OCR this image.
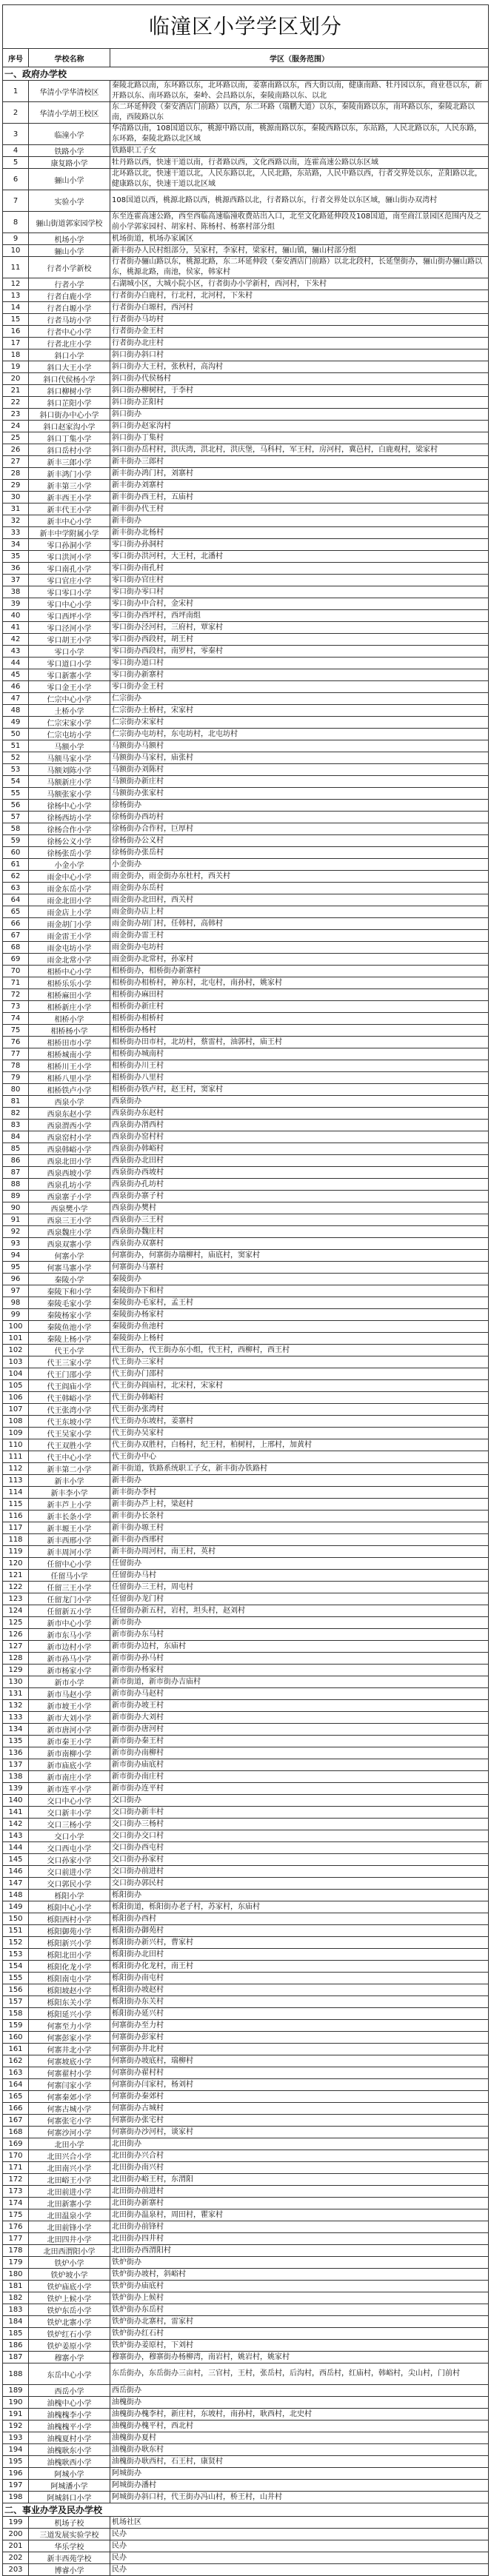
临潼区小学学区划分
序号	学校名称	学区（服务范围）
一、政府办学校		
1	华清小学华清校区	秦陵北路以南，东环路以东，北环路以南，姜寨南路以东，西大街以南，健康南路、牡丹园以东，商业巷以东，新开路以东、南环路以东，秦岭、会昌路以东，秦陵南路以东、以北
2	华清小学胡王校区	东二环延伸段（秦安酒店门前路）以西，东二环路（瑞鹏大道）以东，秦陵南路以东，南环路以东，秦陵北路以南，西陵路以东
3	临潼小学	华清路以南，108国道以东，桃源中路以南，桃源南路以东，秦陵西路以东，东站路，人民北路以东，人民东路，东环路，秦陵北路以北区域
4	铁路小学	铁路职工子女
5	康复路小学	牡丹路以西，快速干道以南，行者路以西，文化西路以南，连霍高速公路以东区域
6	骊山小学	北环路以北，快速干道以北，人民东路以北，人民北路，东站路，人民中路以西，行者交界处以东，芷阳路以北，健康路以东，快速干道以北区域
7	实验小学	108国道以西，桃源北路以西，桃源西路以北，行者路以东，行者交界处以东区域，骊山街办双湾村
8	骊山街道郭家园学校	东至连霍高速公路，西至西临高速临潼收费站出入口，北至文化路延伸段及108国道，南至商江景园区范围内及之前小学郭家园村、胡家村、陈杨村、杨寨村部分组
9	机场小学	机场街道，机场办家属区
10	骊山小学	新丰街办人民村组部分，吴家村，李家村，梁家村，骊山镇，骊山村部分组
11	行者小学新校	行者街办骊山路以东，桃源北路，东二环延伸段（秦安酒店门前路）以北北段村，长延堡街办，骊山街办骊山路以东，桃源北路，南池，侯家，韩家村
12	行者小学	石湖城小区，大城小院小区，行者街办小学新村，西河村，下朱村
13	行者白鹿小学	行者街办白鹿村，行北村，北河村，下朱村
14	行者白塬小学	行者街办白塬村，西河村
15	行者马坊小学	行者街办马坊村
16	行者中心小学	行者街办金王村
17	行者北庄小学	行者街办北庄村
18	斜口小学	斜口街办斜口村
19	斜口大王小学	斜口街办大王村，张秋村，高沟村
20	斜口代侯杨小学	斜口街办代侯杨村
21	斜口柳树小学	斜口街办柳树村，于李村
22	斜口芷阳小学	斜口街办芷阳村
23	斜口街办中心小学	斜口街办
24	斜口赵家沟小学	斜口街办赵家沟村
25	斜口丁集小学	斜口街办丁集村
26	斜口岳村小学	斜口街办岳村村，洪庆湾，洪北村，洪庆堡，马科村，军王村，房河村，冀邑村，白鹿观村，梁家村
27	新丰三郎小学	新丰街办三郎村
28	新丰鸿门小学	新丰街办鸿门村，刘寨村
29	新丰第三小学	新丰街办刘寨村
30	新丰西王小学	新丰街办西王村，五庙村
31	新丰代王小学	新丰街办代王村
32	新丰中心小学	新丰街办
33	新丰中学附属小学	新丰街办北杨村
34	零口孙洞小学	零口街办孙洞村
35	零口洪河小学	零口街办洪河村，大王村，北潘村
36	零口南孔小学	零口街办南孔村
37	零口官庄小学	零口街办官庄村
38	零口零口小学	零口街办零口村
39	零口中心小学	零口街办中合村，金宋村
40	零口西坪小学	零口街办西坪村，西坪南组
41	零口泾河小学	零口街办泾河村，三府村，覃家村
42	零口胡王小学	零口街办西段村，胡王村
43	零口小学	零口街办西段村，南罗村，零秦村
44	零口道口小学	零口街办道口村
45	零口新寨小学	零口街办新寨村
46	零口金王小学	零口街办金王村
47	仁宗中心小学	仁宗街办
48	土桥小学	仁宗街办土桥村，宋家村
49	仁宗宋家小学	仁宗街办宋家村
50	仁宗屯坊小学	仁宗街办屯坊村，东屯坊村，北屯坊村
51	马额小学	马额街办马额村
52	马额马家小学	马额街办马家村，庙张村
53	马额刘陈小学	马额街办刘陈村
54	马额新庄小学	马额街办新庄村
55	马额张家小学	马额街办张家村
56	徐杨中心小学	徐杨街办
57	徐杨西坊小学	徐杨街办西坊村
58	徐杨合作小学	徐杨街办合作村，巨厚村
59	徐杨公义小学	徐杨街办公义村
60	徐杨张岳小学	徐杨街办张岳村
61	小金小学	小金街办
62	雨金中心小学	雨金街办，雨金街办东杜村，西关村
63	雨金东岳小学	雨金街办东岳村
64	雨金北田小学	雨金街办北田村，西关村
65	雨金店上小学	雨金街办店上村
66	雨金胡门小学	雨金街办胡门村，任韩村，高韩村
67	雨金雷王小学	雨金街办雷王村
68	雨金屯坊小学	雨金街办屯坊村
69	雨金北常小学	雨金街办北常村，孙家村
70	相桥中心小学	相桥街办，相桥街办新寨村
71	相桥乐乐小学	相桥街办相桥村，神东村，北屯村，南孙村，姚家村
72	相桥麻田小学	相桥街办麻田村
73	相桥新庄小学	相桥街办新庄村
74	相桥小学	相桥街办相桥村
75	相桥杨小学	相桥街办杨村
76	相桥田市小学	相桥街办田市村，北坊村，蔡雷村，油郭村，庙王村
77	相桥城南小学	相桥街办城南村
78	相桥川王小学	相桥街办川王村
79	相桥八里小学	相桥街办八里村
80	相桥铁卢小学	相桥街办铁卢村，赵王村，窦家村
81	西泉小学	西泉街办
82	西泉东赵小学	西泉街办东赵村
83	西泉渭西小学	西泉街办渭西村
84	西泉窑村小学	西泉街办窑村村
85	西泉韩峪小学	西泉街办韩峪村
86	西泉北田小学	西泉街办北田村
87	西泉西坡小学	西泉街办西坡村
88	西泉孔坊小学	西泉街办孔坊村
89	西泉寨子小学	西泉街办寨子村
90	西泉樊小学	西泉街办樊村
91	西泉三王小学	西泉街办三王村
92	西泉魏庄小学	西泉街办魏庄村
93	西泉双寨小学	西泉街办双寨村
94	何寨小学	何寨街办，何寨街办瑞柳村，庙底村，窦家村
95	何寨马寨小学	何寨街办马寨村
96	秦陵小学	秦陵街办
97	秦陵下和小学	秦陵街办下和村
98	秦陵毛家小学	秦陵街办毛家村，孟王村
99	秦陵杨家小学	秦陵街办杨家村
100	秦陵鱼池小学	秦陵街办鱼池村
101	秦陵上杨小学	秦陵街办上杨村
102	代王小学	代王街办，代王街办东小组，代王村，西柳村，西王村
103	代王三家小学	代王街办三家村
104	代王门邵小学	代王街办门邵村
105	代王阎庙小学	代王街办阎庙村，北宋村，宋家村
106	代王韩峪小学	代王街办韩峪村
107	代王张湾小学	代王街办张湾村
108	代王东坡小学	代王街办东坡村，姜寨村
109	代王吴家小学	代王街办吴家村
110	代王双胜小学	代王街办双胜村，白杨村，纪王村，柏树村，上邢村，加黄村
111	代王中心小学	代王街办中心
112	新丰第二小学	新丰街道，铁路系统职工子女，新丰街办铁路村
113	新丰小学	新丰街办
114	新丰李小学	新丰街办李村
115	新丰芦上小学	新丰街办芦上村，梁赵村
116	新丰长条小学	新丰街办长条村
117	新丰塬王小学	新丰街办塬王村
118	新丰西邢小学	新丰街办西邢村
119	新丰周河小学	新丰街办周河村，南王村，英村
120	任留中心小学	任留街办
121	任留马小学	任留街办马村
122	任留三王小学	任留街办三王村，周屯村
123	任留龙门小学	任留街办龙门村
124	任留新五小学	任留街办新五村，岩村，坦头村，赵刘村
125	新市中心小学	新市街办
126	新市东马小学	新市街办东马村
127	新市边村小学	新市街办边村，东庙村
128	新市孙马小学	新市街办孙马村
129	新市杨家小学	新市街办杨家村
130	新市小学	新市街道，新市街办吉庙村
131	新市马赵小学	新市街办马赵村
132	新市坡王小学	新市街办坡王村
133	新市大刘小学	新市街办大刘村
134	新市唐河小学	新市街办唐河村
135	新市秦王小学	新市街办秦王村
136	新市南柳小学	新市街办南柳村
137	新市庙底小学	新市街办庙底村
138	新市南庄小学	新市街办南庄村
139	新市连平小学	新市街办连平村
140	交口中心小学	交口街办
141	交口新丰小学	交口街办新丰村
142	交口三杨小学	交口街办三杨村
143	交口小学	交口街办交口村
144	交口西屯小学	交口街办西屯村
145	交口孙家小学	交口街办孙家村
146	交口前进小学	交口街办前进村
147	交口郭民小学	交口街办郭民村
148	栎阳小学	栎阳街办
149	栎阳中心小学	栎阳街道，栎阳街办老子村，苏家村，东庙村
150	栎阳西村小学	栎阳街办西村
151	栎阳御苑小学	栎阳街办御苑村
152	栎阳新兴小学	栎阳街办新兴村，曹家村
153	栎阳北田小学	栎阳街办北田村
154	栎阳化龙小学	栎阳街办化龙村，南王村
155	栎阳南屯小学	栎阳街办南屯村
156	栎阳坡赵小学	栎阳街办坡赵村
157	栎阳东关小学	栎阳街办东关村
158	栎阳延兴小学	栎阳街办延兴村
159	何寨至力小学	何寨街办至力村
160	何寨彭家小学	何寨街办彭家村
161	何寨井北小学	何寨街办井北村
162	何寨坡底小学	何寨街办坡底村，瑞柳村
163	何寨翟村小学	何寨街办翟村村
164	何寨闫家小学	何寨街办闫家村，杨刘村
165	何寨秦郊小学	何寨街办秦郊村
166	何寨古城小学	何寨街办古城村
167	何寨张宅小学	何寨街办张宅村
168	何寨沙河小学	何寨街办沙河村，谈家村
169	北田小学	北田街办
170	北田兴合小学	北田街办兴合村
171	北田南兴小学	北田街办南兴村
172	北田峪王小学	北田街办峪王村，东渭阳
173	北田前进小学	北田街办前进村
174	北田新寨小学	北田街办新寨村
175	北田温泉小学	北田街办温泉村，周田村，瞿家村
176	北田前锋小学	北田街办前锋村
177	北田四井小学	北田街办四井村
178	北田西渭阳小学	北田街办西渭阳村
179	铁炉小学	铁炉街办
180	铁炉坡小学	铁炉街办坡村，斜峪村
181	铁炉庙底小学	铁炉街办庙底村
182	铁炉上候小学	铁炉街办上候村
183	铁炉东岳小学	铁炉街办东岳村
184	铁炉北寨小学	铁炉街办北寨村，雷家村
185	铁炉红石小学	铁炉街办红石村
186	铁炉姜原小学	铁炉街办姜原村，下刘村
187	穆寨小学	穆寨街办，穆寨街办杨柳湾，南岩村，姚岩村，姚家村
188	东岳中心小学	东岳街办，东岳街办三亩村，三官村，王村，张岳村，后沟村，西岳村，红庙村，韩峪村，尖山村，门前村
189	西岳小学	西岳街办
190	油槐中心小学	油槐街办
191	油槐槐李小学	油槐街办槐李村，新庄村，东坡村，南孙村，耿西村，北史村
192	油槐槐平小学	油槐街办槐平村，西北村
193	油槐夏村小学	油槐街办夏村
194	油槐耿东小学	油槐街办耿东村
195	油槐耿西小学	油槐街办耿西村，石王村，康贤村
196	阿城小学	阿城街办
197	阿城潘小学	阿城街办潘村
198	阿城斜口小学	阿城街办斜口村，代王街办冯山村，桥王村，山井村
二、事业办学及民办学校		
199	机场子校	机场社区
200	三道发展实验学校	民办
201	华乐学校	民办
202	新丰西苑学校	民办
203	博睿小学	民办
